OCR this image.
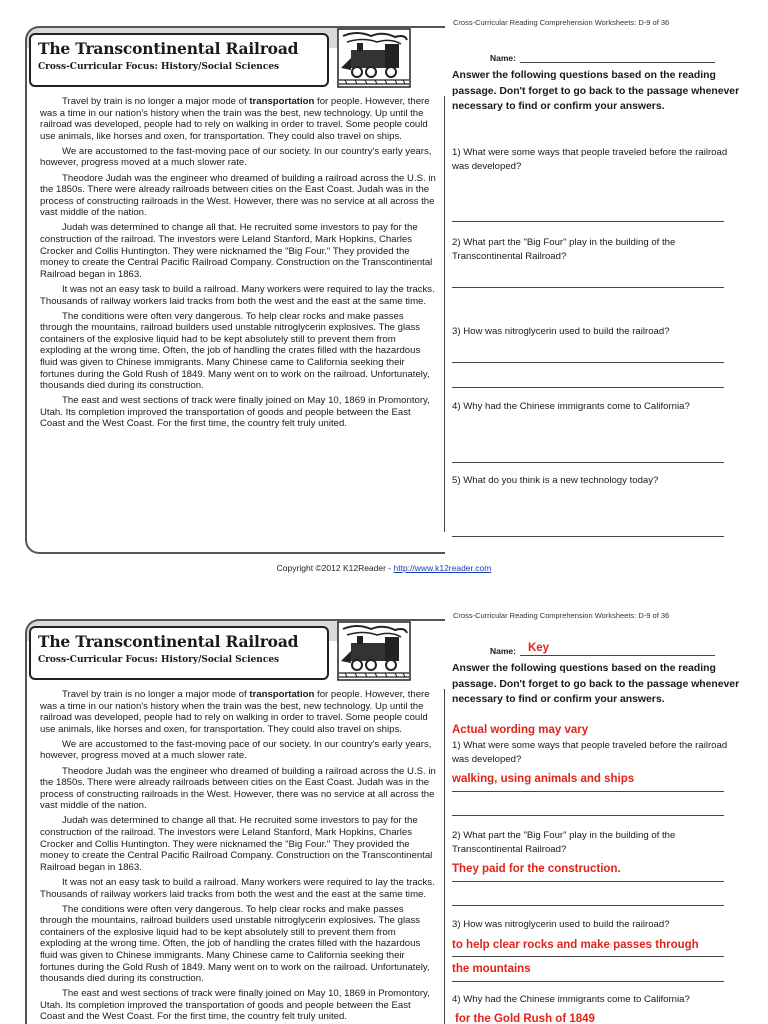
Cross-Curricular Reading Comprehension Worksheets: D-9 of 36
The Transcontinental Railroad
Cross-Curricular Focus: History/Social Sciences

Travel by train is no longer a major mode of transportation for people. However, there was a time in our nation's history when the train was the best, new technology. Up until the railroad was developed, people had to rely on walking in order to travel. Some people could use animals, like horses and oxen, for transportation. They could also travel on ships.

We are accustomed to the fast-moving pace of our society. In our country's early years, however, progress moved at a much slower rate.

Theodore Judah was the engineer who dreamed of building a railroad across the U.S. in the 1850s. There were already railroads between cities on the East Coast. Judah was in the process of constructing railroads in the West. However, there was no service at all across the vast middle of the nation.

Judah was determined to change all that. He recruited some investors to pay for the construction of the railroad. The investors were Leland Stanford, Mark Hopkins, Charles Crocker and Collis Huntington. They were nicknamed the "Big Four." They provided the money to create the Central Pacific Railroad Company. Construction on the Transcontinental Railroad began in 1863.

It was not an easy task to build a railroad. Many workers were required to lay the tracks. Thousands of railway workers laid tracks from both the west and the east at the same time.

The conditions were often very dangerous. To help clear rocks and make passes through the mountains, railroad builders used unstable nitroglycerin explosives. The glass containers of the explosive liquid had to be kept absolutely still to prevent them from exploding at the wrong time. Often, the job of handling the crates filled with the hazardous fluid was given to Chinese immigrants. Many Chinese came to California seeking their fortunes during the Gold Rush of 1849. Many went on to work on the railroad. Unfortunately, thousands died during its construction.

The east and west sections of track were finally joined on May 10, 1869 in Promontory, Utah. Its completion improved the transportation of goods and people between the East Coast and the West Coast. For the first time, the country felt truly united.

Name:
Answer the following questions based on the reading passage. Don't forget to go back to the passage whenever necessary to find or confirm your answers.
1) What were some ways that people traveled before the railroad was developed?
2) What part the "Big Four" play in the building of the Transcontinental Railroad?
3) How was nitroglycerin used to build the railroad?
4) Why had the Chinese immigrants come to California?
5) What do you think is a new technology today?
Copyright ©2012 K12Reader - http://www.k12reader.com
Cross-Curricular Reading Comprehension Worksheets: D-9 of 36
The Transcontinental Railroad
Cross-Curricular Focus: History/Social Sciences

Travel by train is no longer a major mode of transportation for people. However, there was a time in our nation's history when the train was the best, new technology. Up until the railroad was developed, people had to rely on walking in order to travel. Some people could use animals, like horses and oxen, for transportation. They could also travel on ships.

We are accustomed to the fast-moving pace of our society. In our country's early years, however, progress moved at a much slower rate.

Theodore Judah was the engineer who dreamed of building a railroad across the U.S. in the 1850s. There were already railroads between cities on the East Coast. Judah was in the process of constructing railroads in the West. However, there was no service at all across the vast middle of the nation.

Judah was determined to change all that. He recruited some investors to pay for the construction of the railroad. The investors were Leland Stanford, Mark Hopkins, Charles Crocker and Collis Huntington. They were nicknamed the "Big Four." They provided the money to create the Central Pacific Railroad Company. Construction on the Transcontinental Railroad began in 1863.

It was not an easy task to build a railroad. Many workers were required to lay the tracks. Thousands of railway workers laid tracks from both the west and the east at the same time.

The conditions were often very dangerous. To help clear rocks and make passes through the mountains, railroad builders used unstable nitroglycerin explosives. The glass containers of the explosive liquid had to be kept absolutely still to prevent them from exploding at the wrong time. Often, the job of handling the crates filled with the hazardous fluid was given to Chinese immigrants. Many Chinese came to California seeking their fortunes during the Gold Rush of 1849. Many went on to work on the railroad. Unfortunately, thousands died during its construction.

The east and west sections of track were finally joined on May 10, 1869 in Promontory, Utah. Its completion improved the transportation of goods and people between the East Coast and the West Coast. For the first time, the country felt truly united.

Name: Key
Answer the following questions based on the reading passage. Don't forget to go back to the passage whenever necessary to find or confirm your answers.
Actual wording may vary
1) What were some ways that people traveled before the railroad was developed?
walking, using animals and ships
2) What part the "Big Four" play in the building of the Transcontinental Railroad?
They paid for the construction.
3) How was nitroglycerin used to build the railroad?
to help clear rocks and make passes through
the mountains
4) Why had the Chinese immigrants come to California?
for the Gold Rush of 1849
